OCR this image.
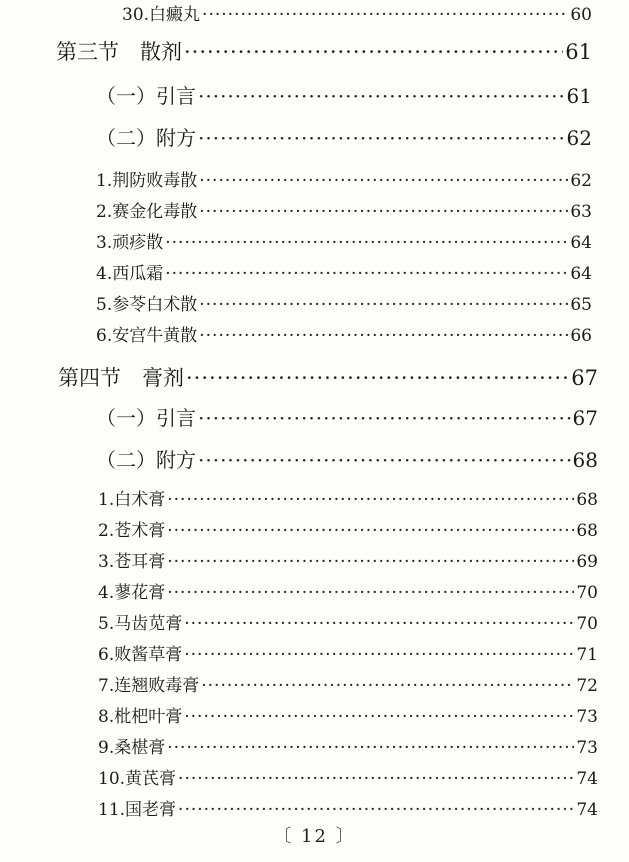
30.白癜丸 ·····	60
第三节　散剂 ·····	61
（一）引言 ·····	61
（二）附方 ·····	62
1.荆防败毒散 ·····	62
2.赛金化毒散 ·····	63
3.顽疹散 ·····	64
4.西瓜霜 ·····	64
5.参苓白术散 ·····	65
6.安宫牛黄散 ·····	66
第四节　膏剂 ·····	67
（一）引言 ·····	67
（二）附方 ·····	68
1.白术膏 ·····	68
2.苍术膏 ·····	68
3.苍耳膏 ·····	69
4.蓼花膏 ·····	70
5.马齿苋膏 ·····	70
6.败酱草膏 ·····	71
7.连翘败毒膏 ·····	72
8.枇杷叶膏 ·····	73
9.桑椹膏 ·····	73
10.黄芪膏 ·····	74
11.国老膏 ·····	74
〔 12 〕
